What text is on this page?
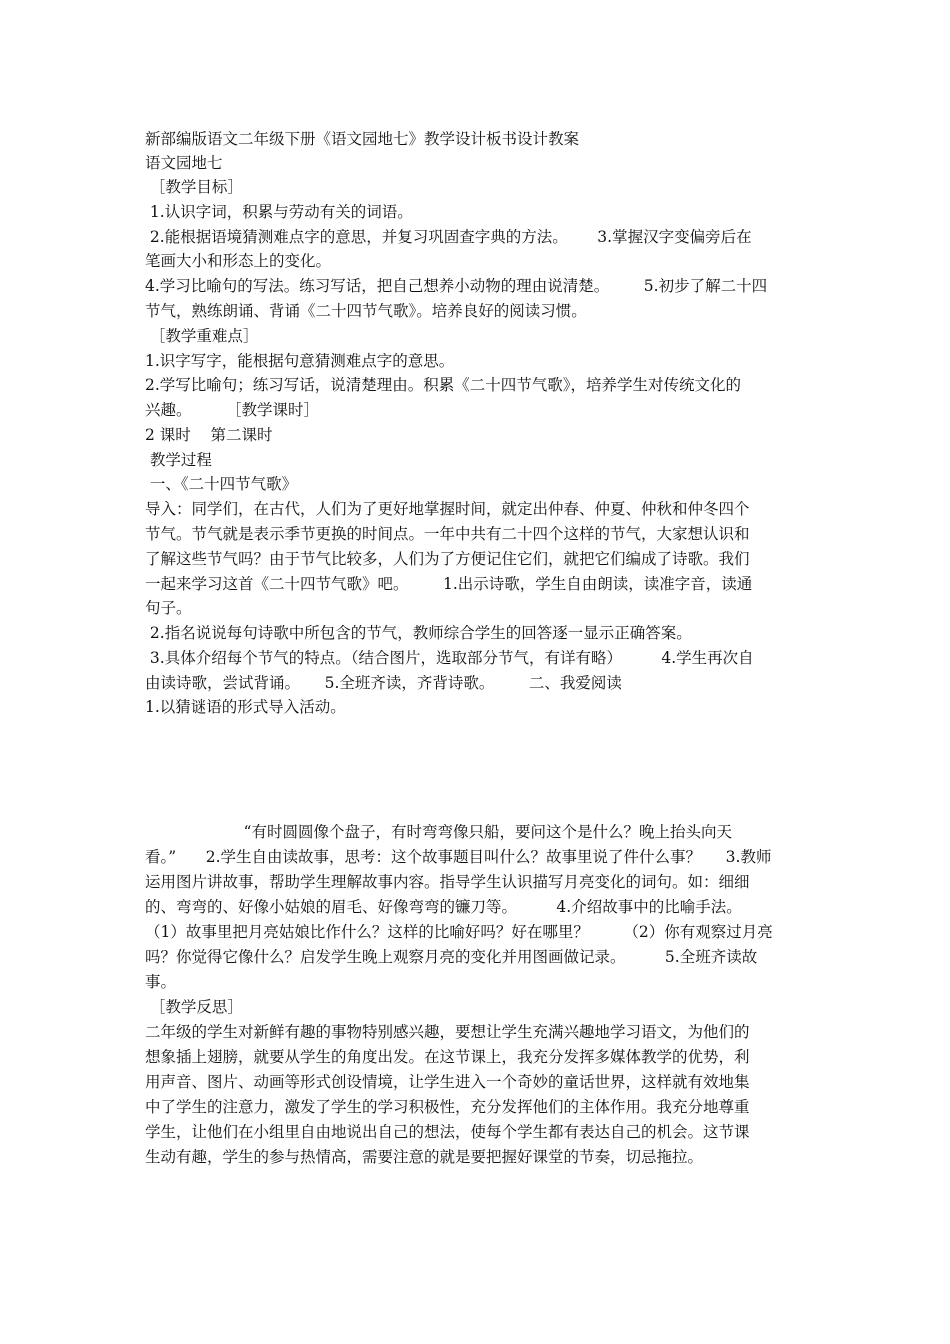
新部编版语文二年级下册《语文园地七》教学设计板书设计教案
语文园地七
［教学目标］
1.认识字词，积累与劳动有关的词语。
2.能根据语境猜测难点字的意思，并复习巩固查字典的方法。      3.掌握汉字变偏旁后在
笔画大小和形态上的变化。
4.学习比喻句的写法。练习写话，把自己想养小动物的理由说清楚。       5.初步了解二十四
节气，熟练朗诵、背诵《二十四节气歌》。培养良好的阅读习惯。
［教学重难点］
1.识字写字，能根据句意猜测难点字的意思。
2.学写比喻句；练习写话，说清楚理由。积累《二十四节气歌》，培养学生对传统文化的
兴趣。       ［教学课时］
2 课时    第二课时
教学过程
一、《二十四节气歌》
导入：同学们，在古代，人们为了更好地掌握时间，就定出仲春、仲夏、仲秋和仲冬四个
节气。节气就是表示季节更换的时间点。一年中共有二十四个这样的节气，大家想认识和
了解这些节气吗？由于节气比较多，人们为了方便记住它们，就把它们编成了诗歌。我们
一起来学习这首《二十四节气歌》吧。       1.出示诗歌，学生自由朗读，读准字音，读通
句子。
2.指名说说每句诗歌中所包含的节气，教师综合学生的回答逐一显示正确答案。
3.具体介绍每个节气的特点。（结合图片，选取部分节气，有详有略）        4.学生再次自
由读诗歌，尝试背诵。     5.全班齐读，齐背诗歌。       二、我爱阅读
1.以猜谜语的形式导入活动。
“有时圆圆像个盘子，有时弯弯像只船，要问这个是什么？晚上抬头向天
看。”      2.学生自由读故事，思考：这个故事题目叫什么？故事里说了件什么事？     3.教师
运用图片讲故事，帮助学生理解故事内容。指导学生认识描写月亮变化的词句。如：细细
的、弯弯的、好像小姑娘的眉毛、好像弯弯的镰刀等。        4.介绍故事中的比喻手法。
（1）故事里把月亮姑娘比作什么？这样的比喻好吗？好在哪里？       （2）你有观察过月亮
吗？你觉得它像什么？启发学生晚上观察月亮的变化并用图画做记录。        5.全班齐读故
事。
［教学反思］
二年级的学生对新鲜有趣的事物特别感兴趣，要想让学生充满兴趣地学习语文，为他们的
想象插上翅膀，就要从学生的角度出发。在这节课上，我充分发挥多媒体教学的优势，利
用声音、图片、动画等形式创设情境，让学生进入一个奇妙的童话世界，这样就有效地集
中了学生的注意力，激发了学生的学习积极性，充分发挥他们的主体作用。我充分地尊重
学生，让他们在小组里自由地说出自己的想法，使每个学生都有表达自己的机会。这节课
生动有趣，学生的参与热情高，需要注意的就是要把握好课堂的节奏，切忌拖拉。
